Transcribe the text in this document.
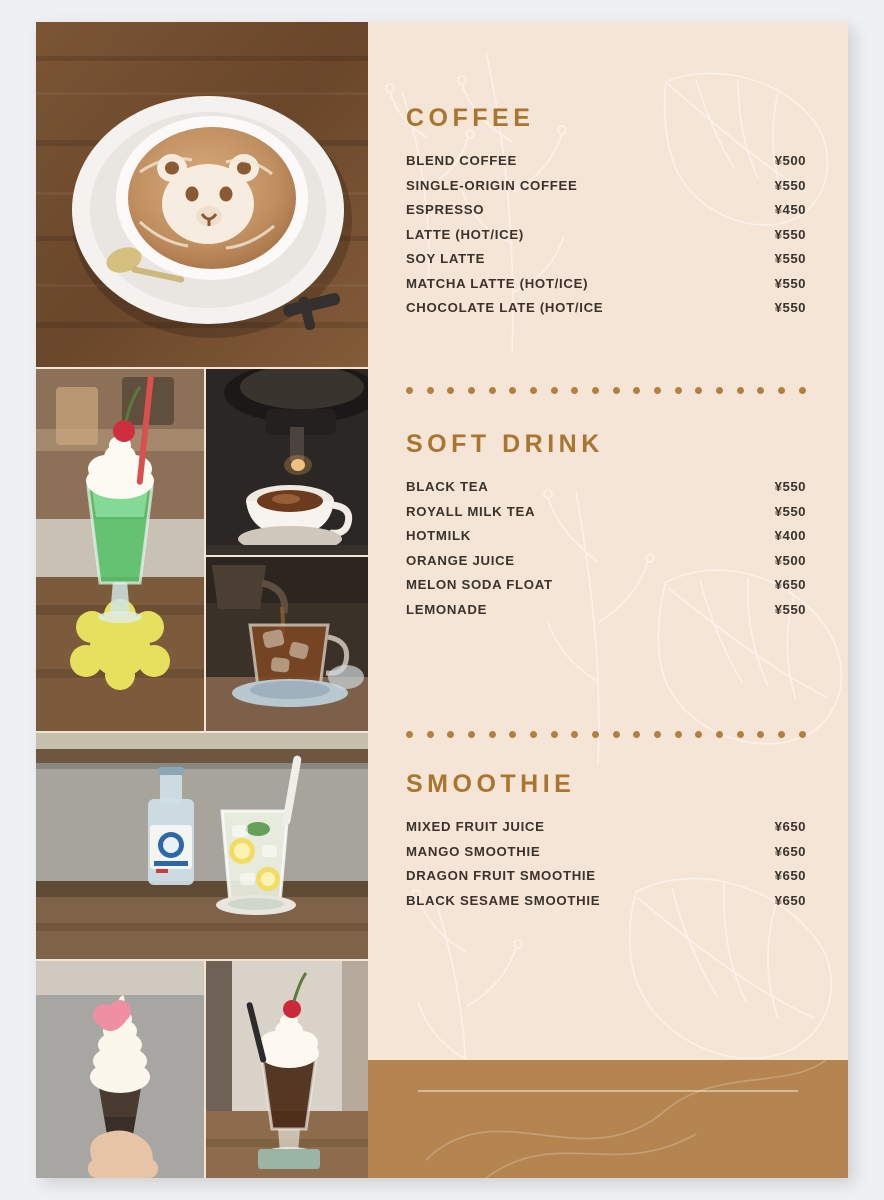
COFFEE
BLEND COFFEE	¥500
SINGLE-ORIGIN COFFEE	¥550
ESPRESSO	¥450
LATTE (HOT/ICE)	¥550
SOY LATTE	¥550
MATCHA LATTE (HOT/ICE)	¥550
CHOCOLATE LATE (HOT/ICE	¥550
SOFT DRINK
BLACK TEA	¥550
ROYALL MILK TEA	¥550
HOTMILK	¥400
ORANGE JUICE	¥500
MELON SODA FLOAT	¥650
LEMONADE	¥550
SMOOTHIE
MIXED FRUIT JUICE	¥650
MANGO SMOOTHIE	¥650
DRAGON FRUIT SMOOTHIE	¥650
BLACK SESAME SMOOTHIE	¥650
